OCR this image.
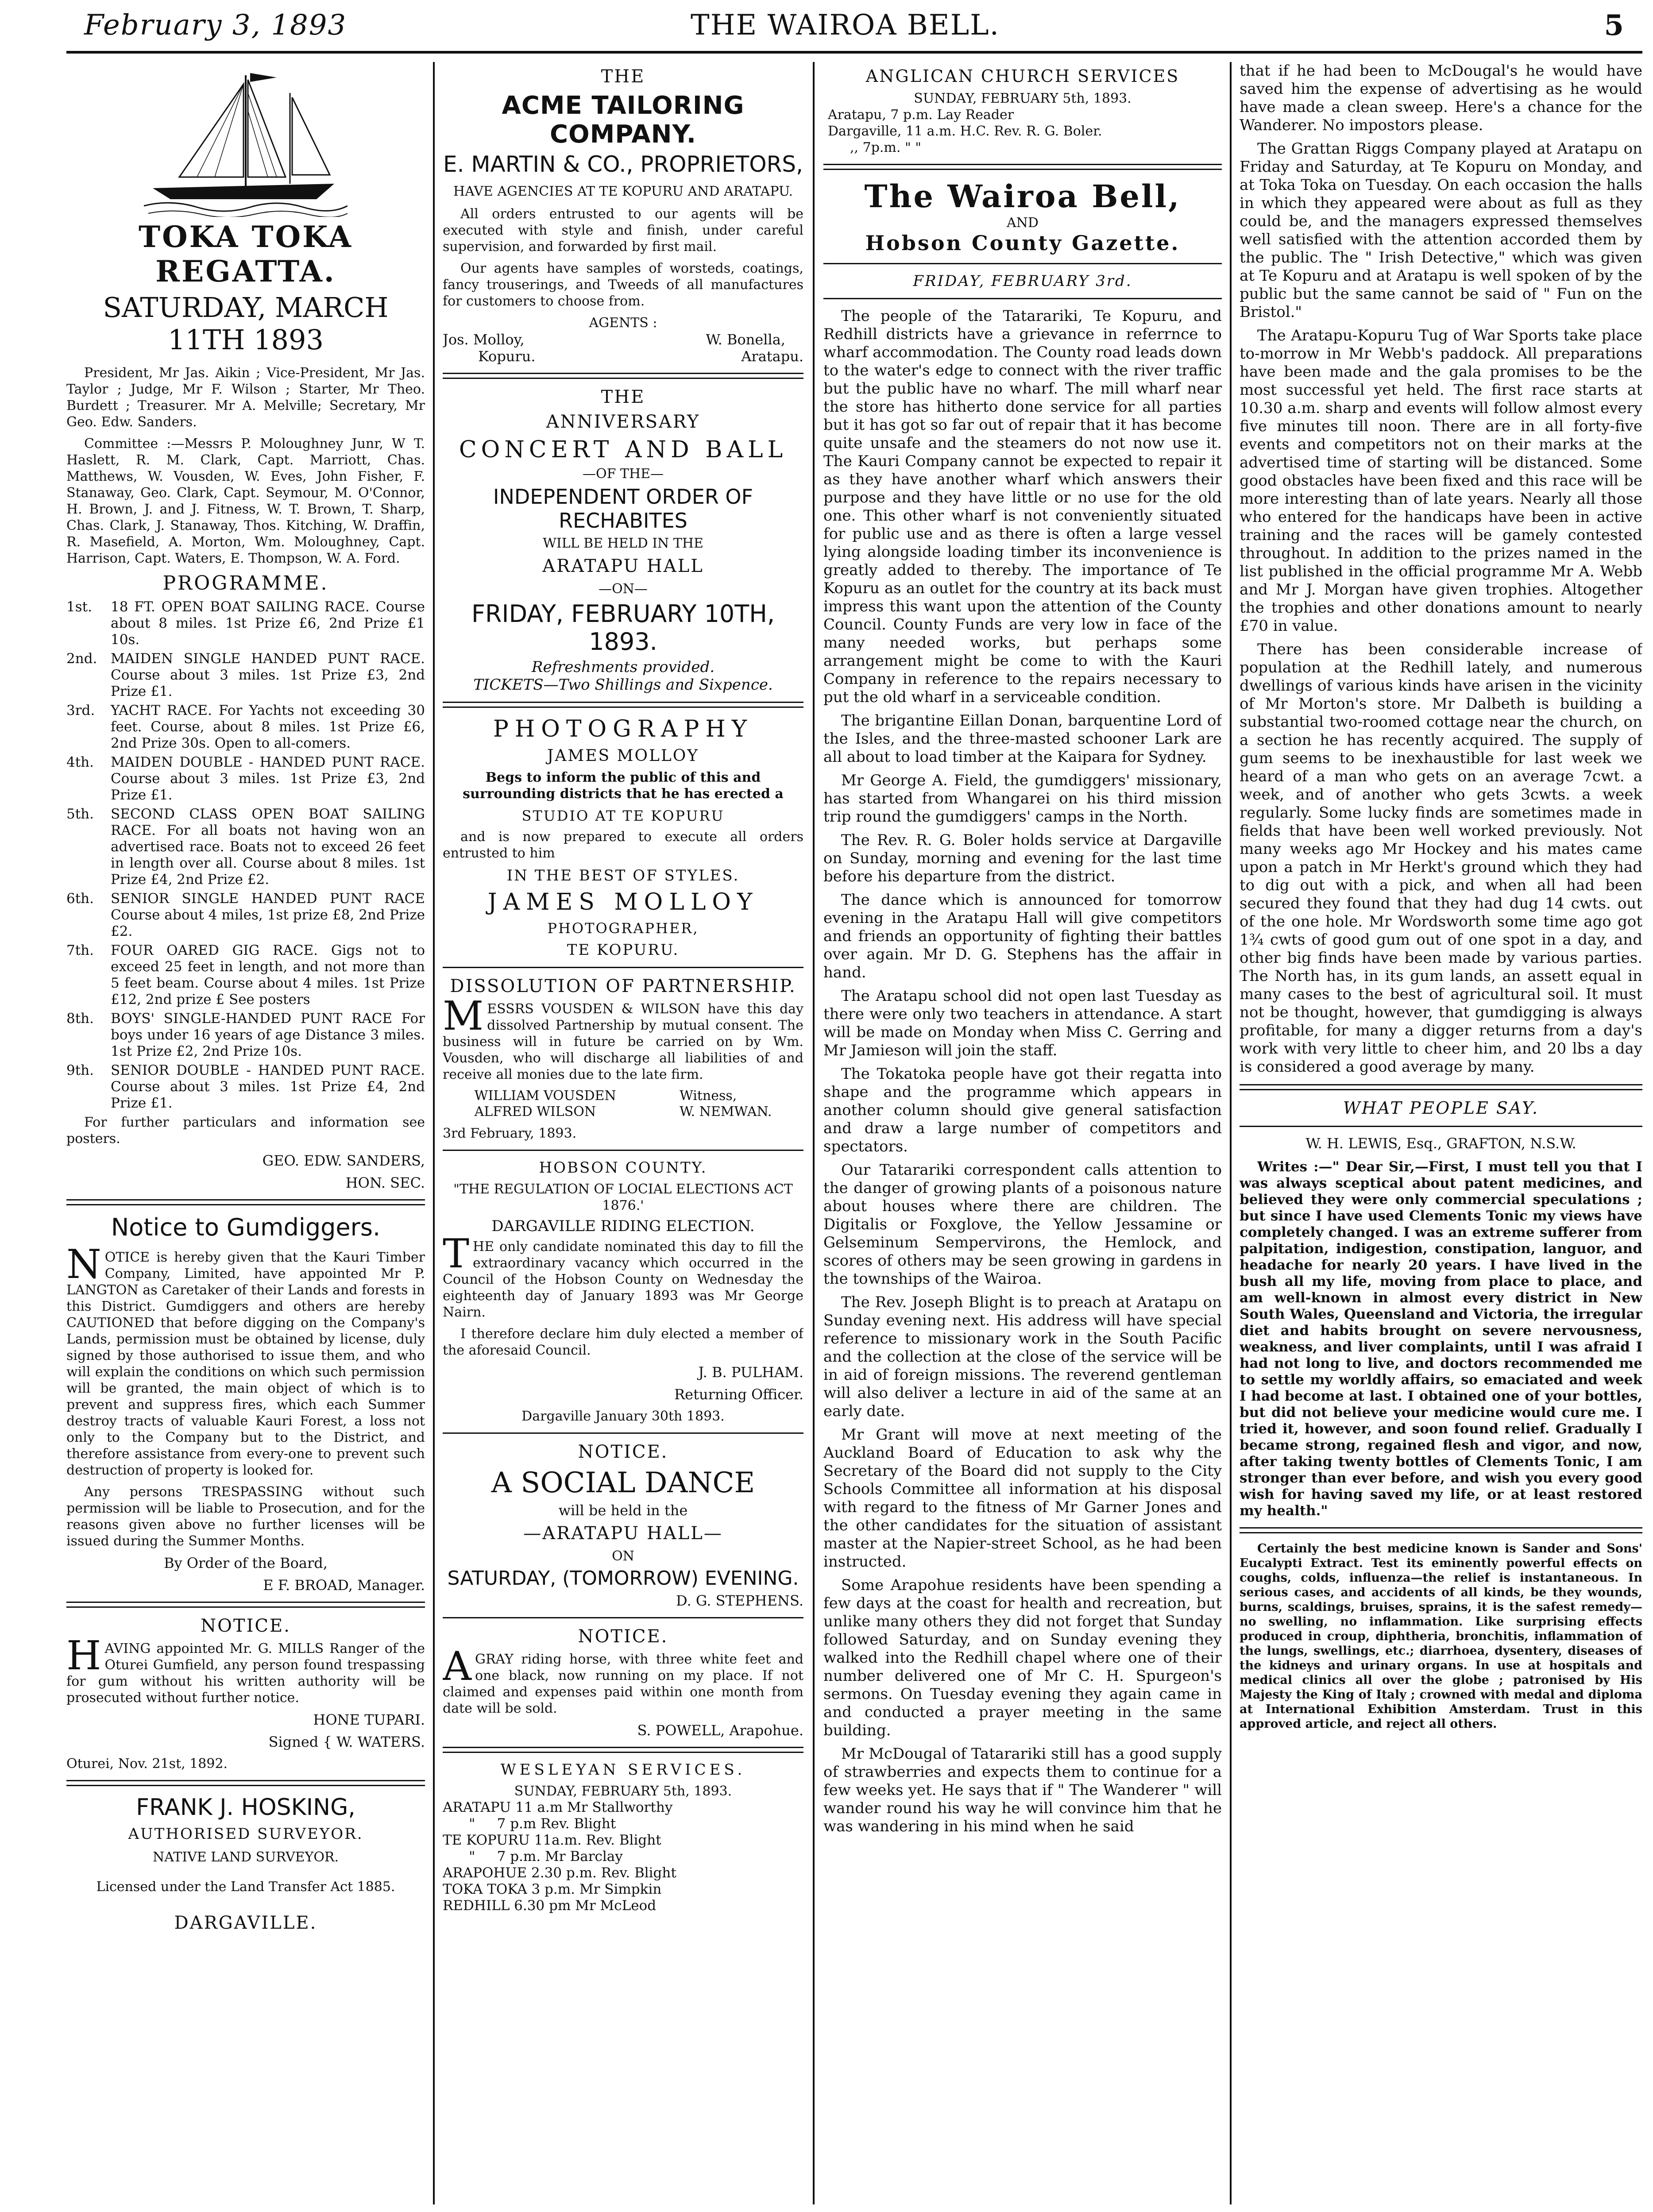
February 3, 1893	THE WAIROA BELL.	5
TOKA TOKA REGATTA.
SATURDAY, MARCH 11TH 1893

President, Mr Jas. Aikin ; Vice-President, Mr Jas. Taylor ; Judge, Mr F. Wilson ; Starter, Mr Theo. Burdett ; Treasurer. Mr A. Melville; Secretary, Mr Geo. Edw. Sanders.

Committee :—Messrs P. Moloughney Junr, W T. Haslett, R. M. Clark, Capt. Marriott, Chas. Matthews, W. Vousden, W. Eves, John Fisher, F. Stanaway, Geo. Clark, Capt. Seymour, M. O'Connor, H. Brown, J. and J. Fitness, W. T. Brown, T. Sharp, Chas. Clark, J. Stanaway, Thos. Kitching, W. Draffin, R. Masefield, A. Morton, Wm. Moloughney, Capt. Harrison, Capt. Waters, E. Thompson, W. A. Ford.

PROGRAMME.
1st.	18 FT. OPEN BOAT SAILING RACE. Course about 8 miles. 1st Prize £6, 2nd Prize £1 10s.
2nd. MAIDEN SINGLE HANDED PUNT RACE. Course about 3 miles. 1st Prize £3, 2nd Prize £1.
3rd.	YACHT RACE. For Yachts not exceeding 30 feet. Course, about 8 miles. 1st Prize £6, 2nd Prize 30s. Open to all-comers.
4th.	MAIDEN DOUBLE - HANDED PUNT RACE. Course about 3 miles. 1st Prize £3, 2nd Prize £1.
5th.	SECOND CLASS OPEN BOAT SAILING RACE. For all boats not having won an advertised race. Boats not to exceed 26 feet in length over all. Course about 8 miles. 1st Prize £4, 2nd Prize £2.
6th.	SENIOR SINGLE HANDED PUNT RACE Course about 4 miles, 1st prize £8, 2nd Prize £2.
7th.	FOUR OARED GIG RACE. Gigs not to exceed 25 feet in length, and not more than 5 feet beam. Course about 4 miles. 1st Prize £12, 2nd prize £ See posters
8th.	BOYS' SINGLE-HANDED PUNT RACE For boys under 16 years of age Distance 3 miles. 1st Prize £2, 2nd Prize 10s.
9th.	SENIOR DOUBLE - HANDED PUNT RACE. Course about 3 miles. 1st Prize £4, 2nd Prize £1.

For further particulars and information see posters.

GEO. EDW. SANDERS,
HON. SEC.
Notice to Gumdiggers.

NOTICE is hereby given that the Kauri Timber Company, Limited, have appointed Mr P. LANGTON as Caretaker of their Lands and forests in this District. Gumdiggers and others are hereby CAUTIONED that before digging on the Company's Lands, permission must be obtained by license, duly signed by those authorised to issue them, and who will explain the conditions on which such permission will be granted, the main object of which is to prevent and suppress fires, which each Summer destroy tracts of valuable Kauri Forest, a loss not only to the Company but to the District, and therefore assistance from every-one to prevent such destruction of property is looked for.

Any persons TRESPASSING without such permission will be liable to Prosecution, and for the reasons given above no further licenses will be issued during the Summer Months.

By Order of the Board,
E F. BROAD, Manager.
NOTICE.

HAVING appointed Mr. G. MILLS Ranger of the Oturei Gumfield, any person found trespassing for gum without his written authority will be prosecuted without further notice.

HONE TUPARI.
Signed { W. WATERS.

Oturei, Nov. 21st, 1892.

FRANK J. HOSKING,
AUTHORISED SURVEYOR.
NATIVE LAND SURVEYOR.
Licensed under the Land Transfer Act 1885.
DARGAVILLE.
THE
ACME TAILORING COMPANY.
E. MARTIN & CO., PROPRIETORS,
HAVE AGENCIES AT TE KOPURU AND ARATAPU.

All orders entrusted to our agents will be executed with style and finish, under careful supervision, and forwarded by first mail.

Our agents have samples of worsteds, coatings, fancy trouserings, and Tweeds of all manufactures for customers to choose from.

AGENTS :
Jos. Molloy,
Kopuru.
W. Bonella,
Aratapu.
THE
ANNIVERSARY
CONCERT AND BALL
—OF THE—
INDEPENDENT ORDER OF RECHABITES
WILL BE HELD IN THE
ARATAPU HALL
—ON—
FRIDAY, FEBRUARY 10TH, 1893.
Refreshments provided.
TICKETS—Two Shillings and Sixpence.
PHOTOGRAPHY
JAMES MOLLOY

Begs to inform the public of this and surrounding districts that he has erected a

STUDIO AT TE KOPURU

and is now prepared to execute all orders entrusted to him

IN THE BEST OF STYLES.
JAMES MOLLOY
PHOTOGRAPHER,
TE KOPURU.
DISSOLUTION OF PARTNERSHIP.

MESSRS VOUSDEN & WILSON have this day dissolved Partnership by mutual consent. The business will in future be carried on by Wm. Vousden, who will discharge all liabilities of and receive all monies due to the late firm.

WILLIAM VOUSDEN
ALFRED WILSON
Witness,
W. NEMWAN.

3rd February, 1893.

HOBSON COUNTY.
"THE REGULATION OF LOCIAL ELECTIONS ACT 1876.'
DARGAVILLE RIDING ELECTION.

THE only candidate nominated this day to fill the extraordinary vacancy which occurred in the Council of the Hobson County on Wednesday the eighteenth day of January 1893 was Mr George Nairn.

I therefore declare him duly elected a member of the aforesaid Council.

J. B. PULHAM.
Returning Officer.
Dargaville January 30th 1893.
NOTICE.
A SOCIAL DANCE
will be held in the
—ARATAPU HALL—
ON
SATURDAY, (TOMORROW) EVENING.
D. G. STEPHENS.
NOTICE.

AGRAY riding horse, with three white feet and one black, now running on my place. If not claimed and expenses paid within one month from date will be sold.

S. POWELL, Arapohue.
WESLEYAN SERVICES.
SUNDAY, FEBRUARY 5th, 1893.
ARATAPU 11 a.m Mr Stallworthy
"     7 p.m Rev. Blight
TE KOPURU 11a.m. Rev. Blight
"     7 p.m. Mr Barclay
ARAPOHUE 2.30 p.m. Rev. Blight
TOKA TOKA 3 p.m. Mr Simpkin
REDHILL 6.30 pm Mr McLeod
ANGLICAN CHURCH SERVICES
SUNDAY, FEBRUARY 5th, 1893.
Aratapu, 7 p.m. Lay Reader
Dargaville, 11 a.m. H.C. Rev. R. G. Boler.
,, 7p.m. " "
The Wairoa Bell,
AND
Hobson County Gazette.
FRIDAY, FEBRUARY 3rd.

The people of the Tatarariki, Te Kopuru, and Redhill districts have a grievance in referrnce to wharf accommodation. The County road leads down to the water's edge to connect with the river traffic but the public have no wharf. The mill wharf near the store has hitherto done service for all parties but it has got so far out of repair that it has become quite unsafe and the steamers do not now use it. The Kauri Company cannot be expected to repair it as they have another wharf which answers their purpose and they have little or no use for the old one. This other wharf is not conveniently situated for public use and as there is often a large vessel lying alongside loading timber its inconvenience is greatly added to thereby. The importance of Te Kopuru as an outlet for the country at its back must impress this want upon the attention of the County Council. County Funds are very low in face of the many needed works, but perhaps some arrangement might be come to with the Kauri Company in reference to the repairs necessary to put the old wharf in a serviceable condition.

The brigantine Eillan Donan, barquentine Lord of the Isles, and the three-masted schooner Lark are all about to load timber at the Kaipara for Sydney.

Mr George A. Field, the gumdiggers' missionary, has started from Whangarei on his third mission trip round the gumdiggers' camps in the North.

The Rev. R. G. Boler holds service at Dargaville on Sunday, morning and evening for the last time before his departure from the district.

The dance which is announced for tomorrow evening in the Aratapu Hall will give competitors and friends an opportunity of fighting their battles over again. Mr D. G. Stephens has the affair in hand.

The Aratapu school did not open last Tuesday as there were only two teachers in attendance. A start will be made on Monday when Miss C. Gerring and Mr Jamieson will join the staff.

The Tokatoka people have got their regatta into shape and the programme which appears in another column should give general satisfaction and draw a large number of competitors and spectators.

Our Tatarariki correspondent calls attention to the danger of growing plants of a poisonous nature about houses where there are children. The Digitalis or Foxglove, the Yellow Jessamine or Gelseminum Sempervirons, the Hemlock, and scores of others may be seen growing in gardens in the townships of the Wairoa.

The Rev. Joseph Blight is to preach at Aratapu on Sunday evening next. His address will have special reference to missionary work in the South Pacific and the collection at the close of the service will be in aid of foreign missions. The reverend gentleman will also deliver a lecture in aid of the same at an early date.

Mr Grant will move at next meeting of the Auckland Board of Education to ask why the Secretary of the Board did not supply to the City Schools Committee all information at his disposal with regard to the fitness of Mr Garner Jones and the other candidates for the situation of assistant master at the Napier-street School, as he had been instructed.

Some Arapohue residents have been spending a few days at the coast for health and recreation, but unlike many others they did not forget that Sunday followed Saturday, and on Sunday evening they walked into the Redhill chapel where one of their number delivered one of Mr C. H. Spurgeon's sermons. On Tuesday evening they again came in and conducted a prayer meeting in the same building.

Mr McDougal of Tatarariki still has a good supply of strawberries and expects them to continue for a few weeks yet. He says that if " The Wanderer " will wander round his way he will convince him that he was wandering in his mind when he said

that if he had been to McDougal's he would have saved him the expense of advertising as he would have made a clean sweep. Here's a chance for the Wanderer. No impostors please.

The Grattan Riggs Company played at Aratapu on Friday and Saturday, at Te Kopuru on Monday, and at Toka Toka on Tuesday. On each occasion the halls in which they appeared were about as full as they could be, and the managers expressed themselves well satisfied with the attention accorded them by the public. The " Irish Detective," which was given at Te Kopuru and at Aratapu is well spoken of by the public but the same cannot be said of " Fun on the Bristol."

The Aratapu-Kopuru Tug of War Sports take place to-morrow in Mr Webb's paddock. All preparations have been made and the gala promises to be the most successful yet held. The first race starts at 10.30 a.m. sharp and events will follow almost every five minutes till noon. There are in all forty-five events and competitors not on their marks at the advertised time of starting will be distanced. Some good obstacles have been fixed and this race will be more interesting than of late years. Nearly all those who entered for the handicaps have been in active training and the races will be gamely contested throughout. In addition to the prizes named in the list published in the official programme Mr A. Webb and Mr J. Morgan have given trophies. Altogether the trophies and other donations amount to nearly £70 in value.

There has been considerable increase of population at the Redhill lately, and numerous dwellings of various kinds have arisen in the vicinity of Mr Morton's store. Mr Dalbeth is building a substantial two-roomed cottage near the church, on a section he has recently acquired. The supply of gum seems to be inexhaustible for last week we heard of a man who gets on an average 7cwt. a week, and of another who gets 3cwts. a week regularly. Some lucky finds are sometimes made in fields that have been well worked previously. Not many weeks ago Mr Hockey and his mates came upon a patch in Mr Herkt's ground which they had to dig out with a pick, and when all had been secured they found that they had dug 14 cwts. out of the one hole. Mr Wordsworth some time ago got 1¾ cwts of good gum out of one spot in a day, and other big finds have been made by various parties. The North has, in its gum lands, an assett equal in many cases to the best of agricultural soil. It must not be thought, however, that gumdigging is always profitable, for many a digger returns from a day's work with very little to cheer him, and 20 lbs a day is considered a good average by many.

WHAT PEOPLE SAY.
W. H. LEWIS, Esq., GRAFTON, N.S.W.

Writes :—" Dear Sir,—First, I must tell you that I was always sceptical about patent medicines, and believed they were only commercial speculations ; but since I have used Clements Tonic my views have completely changed. I was an extreme sufferer from palpitation, indigestion, constipation, languor, and headache for nearly 20 years. I have lived in the bush all my life, moving from place to place, and am well-known in almost every district in New South Wales, Queensland and Victoria, the irregular diet and habits brought on severe nervousness, weakness, and liver complaints, until I was afraid I had not long to live, and doctors recommended me to settle my worldly affairs, so emaciated and week I had become at last. I obtained one of your bottles, but did not believe your medicine would cure me. I tried it, however, and soon found relief. Gradually I became strong, regained flesh and vigor, and now, after taking twenty bottles of Clements Tonic, I am stronger than ever before, and wish you every good wish for having saved my life, or at least restored my health."

Certainly the best medicine known is Sander and Sons' Eucalypti Extract. Test its eminently powerful effects on coughs, colds, influenza—the relief is instantaneous. In serious cases, and accidents of all kinds, be they wounds, burns, scaldings, bruises, sprains, it is the safest remedy—no swelling, no inflammation. Like surprising effects produced in croup, diphtheria, bronchitis, inflammation of the lungs, swellings, etc.; diarrhoea, dysentery, diseases of the kidneys and urinary organs. In use at hospitals and medical clinics all over the globe ; patronised by His Majesty the King of Italy ; crowned with medal and diploma at International Exhibition Amsterdam. Trust in this approved article, and reject all others.
